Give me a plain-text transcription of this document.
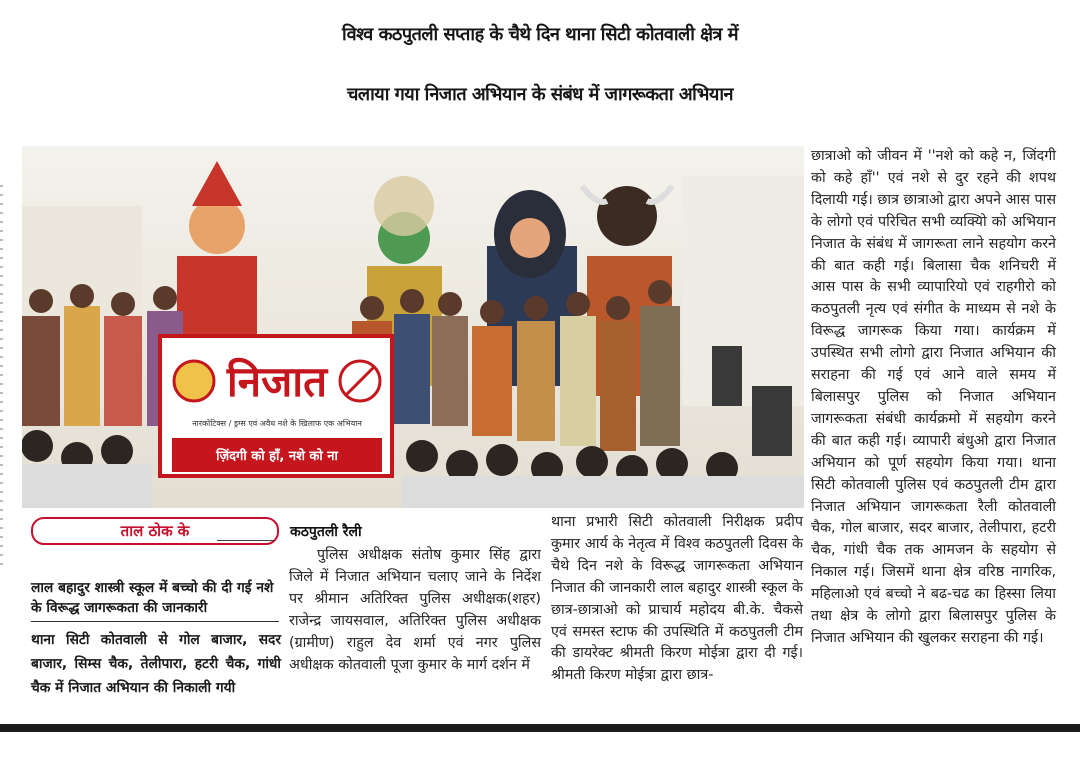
विश्व कठपुतली सप्ताह के चैथे दिन थाना सिटी कोतवाली क्षेत्र में
चलाया गया निजात अभियान के संबंध में जागरूकता अभियान
निजात
नारकोटिक्स / ड्रग्स एवं अवैध नशे के खिलाफ एक अभियान
ज़िंदगी को हाँ, नशे को ना
ताल ठोक के
लाल बहादुर शास्त्री स्कूल में बच्चो की दी गई नशे के विरूद्ध जागरूकता की जानकारी
थाना सिटी कोतवाली से गोल बाजार, सदर बाजार, सिम्स चैक, तेलीपारा, हटरी चैक, गांधी चैक में निजात अभियान की निकाली गयी
कठपुतली रैली

पुलिस अधीक्षक संतोष कुमार सिंह द्वारा जिले में निजात अभियान चलाए जाने के निर्देश पर श्रीमान अतिरिक्त पुलिस अधीक्षक(शहर) राजेन्द्र जायसवाल, अतिरिक्त पुलिस अधीक्षक (ग्रामीण) राहुल देव शर्मा एवं नगर पुलिस अधीक्षक कोतवाली पूजा कुमार के मार्ग दर्शन में

थाना प्रभारी सिटी कोतवाली निरीक्षक प्रदीप कुमार आर्य के नेतृत्व में विश्व कठपुतली दिवस के चैथे दिन नशे के विरूद्ध जागरूकता अभियान निजात की जानकारी लाल बहादुर शास्त्री स्कूल के छात्र-छात्राओ को प्राचार्य महोदय बी.के. चैकसे एवं समस्त स्टाफ की उपस्थिति में कठपुतली टीम की डायरेक्ट श्रीमती किरण मोईत्रा द्वारा दी गई। श्रीमती किरण मोईत्रा द्वारा छात्र-

छात्राओ को जीवन में ''नशे को कहे न, जिंदगी को कहे हाँ'' एवं नशे से दुर रहने की शपथ दिलायी गई। छात्र छात्राओ द्वारा अपने आस पास के लोगो एवं परिचित सभी व्यक्यिो को अभियान निजात के संबंध में जागरूता लाने सहयोग करने की बात कही गई। बिलासा चैक शनिचरी में आस पास के सभी व्यापारियो एवं राहगीरो को कठपुतली नृत्य एवं संगीत के माध्यम से नशे के विरूद्ध जागरूक किया गया। कार्यक्रम में उपस्थित सभी लोगो द्वारा निजात अभियान की सराहना की गई एवं आने वाले समय में बिलासपुर पुलिस को निजात अभियान जागरूकता संबंधी कार्यक्रमो में सहयोग करने की बात कही गई। व्यापारी बंधुओ द्वारा निजात अभियान को पूर्ण सहयोग किया गया। थाना सिटी कोतवाली पुलिस एवं कठपुतली टीम द्वारा निजात अभियान जागरूकता रैली कोतवाली चैक, गोल बाजार, सदर बाजार, तेलीपारा, हटरी चैक, गांधी चैक तक आमजन के सहयोग से निकाल गई। जिसमें थाना क्षेत्र वरिष्ठ नागरिक, महिलाओ एवं बच्चो ने बढ-चढ का हिस्सा लिया तथा क्षेत्र के लोगो द्वारा बिलासपुर पुलिस के निजात अभियान की खुलकर सराहना की गई।
